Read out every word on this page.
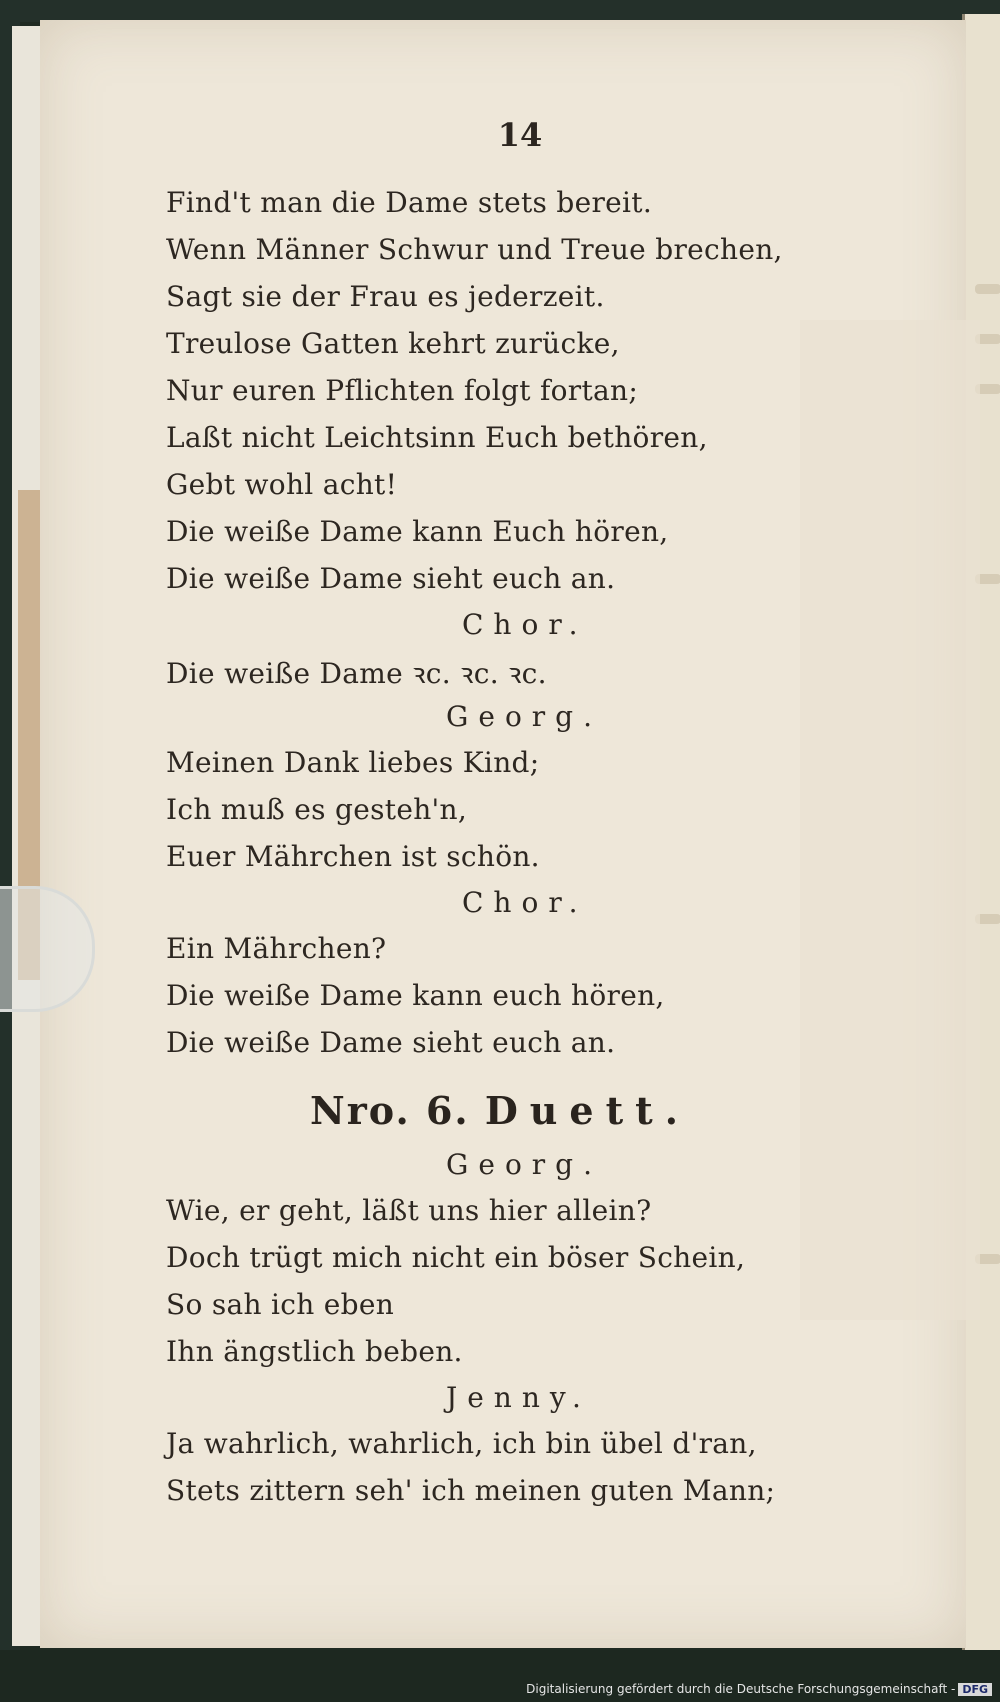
14
Find't man die Dame stets bereit.
Wenn Männer Schwur und Treue brechen,
Sagt sie der Frau es jederzeit.
Treulose Gatten kehrt zurücke,
Nur euren Pflichten folgt fortan;
Laßt nicht Leichtsinn Euch bethören,
Gebt wohl acht!
Die weiße Dame kann Euch hören,
Die weiße Dame sieht euch an.
Chor.
Die weiße Dame ꝛc. ꝛc. ꝛc.
Georg.
Meinen Dank liebes Kind;
Ich muß es gesteh'n,
Euer Mährchen ist schön.
Chor.
Ein Mährchen?
Die weiße Dame kann euch hören,
Die weiße Dame sieht euch an.
Nro. 6. Duett.
Georg.
Wie, er geht, läßt uns hier allein?
Doch trügt mich nicht ein böser Schein,
So sah ich eben
Ihn ängstlich beben.
Jenny.
Ja wahrlich, wahrlich, ich bin übel d'ran,
Stets zittern seh' ich meinen guten Mann;
Digitalisierung gefördert durch die Deutsche Forschungsgemeinschaft - DFG
